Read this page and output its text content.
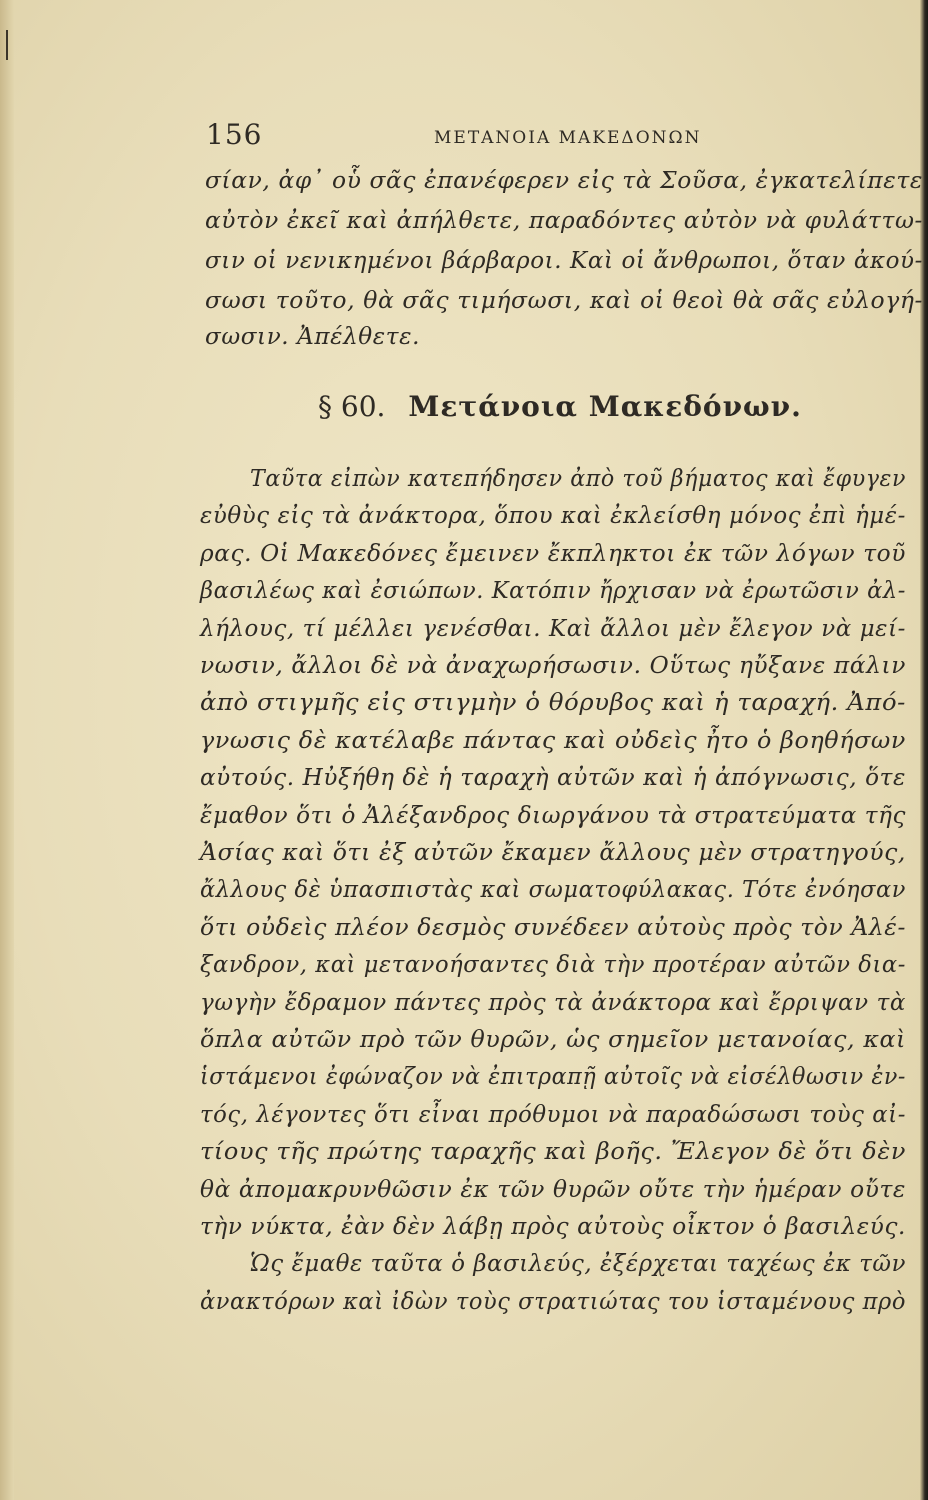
156	ΜΕΤΑΝΟΙΑ ΜΑΚΕΔΟΝΩΝ
σίαν, ἀφ᾽ οὗ σᾶς ἐπανέφερεν εἰς τὰ Σοῦσα, ἐγκατελίπετε
αὐτὸν ἐκεῖ καὶ ἀπήλθετε, παραδόντες αὐτὸν νὰ φυλάττω-
σιν οἱ νενικημένοι βάρβαροι. Καὶ οἱ ἄνθρωποι, ὅταν ἀκού-
σωσι τοῦτο, θὰ σᾶς τιμήσωσι, καὶ οἱ θεοὶ θὰ σᾶς εὐλογή-
σωσιν. Ἀπέλθετε.
§ 60. Μετάνοια Μακεδόνων.
Ταῦτα εἰπὼν κατεπήδησεν ἀπὸ τοῦ βήματος καὶ ἔφυγεν
εὐθὺς εἰς τὰ ἀνάκτορα, ὅπου καὶ ἐκλείσθη μόνος ἐπὶ ἡμέ-
ρας. Οἱ Μακεδόνες ἔμεινεν ἔκπληκτοι ἐκ τῶν λόγων τοῦ
βασιλέως καὶ ἐσιώπων. Κατόπιν ἤρχισαν νὰ ἐρωτῶσιν ἀλ-
λήλους, τί μέλλει γενέσθαι. Καὶ ἄλλοι μὲν ἔλεγον νὰ μεί-
νωσιν, ἄλλοι δὲ νὰ ἀναχωρήσωσιν. Οὕτως ηὔξανε πάλιν
ἀπὸ στιγμῆς εἰς στιγμὴν ὁ θόρυβος καὶ ἡ ταραχή. Ἀπό-
γνωσις δὲ κατέλαβε πάντας καὶ οὐδεὶς ἦτο ὁ βοηθήσων
αὐτούς. Ηὐξήθη δὲ ἡ ταραχὴ αὐτῶν καὶ ἡ ἀπόγνωσις, ὅτε
ἔμαθον ὅτι ὁ Ἀλέξανδρος διωργάνου τὰ στρατεύματα τῆς
Ἀσίας καὶ ὅτι ἐξ αὐτῶν ἔκαμεν ἄλλους μὲν στρατηγούς,
ἄλλους δὲ ὑπασπιστὰς καὶ σωματοφύλακας. Τότε ἐνόησαν
ὅτι οὐδεὶς πλέον δεσμὸς συνέδεεν αὐτοὺς πρὸς τὸν Ἀλέ-
ξανδρον, καὶ μετανοήσαντες διὰ τὴν προτέραν αὐτῶν δια-
γωγὴν ἔδραμον πάντες πρὸς τὰ ἀνάκτορα καὶ ἔρριψαν τὰ
ὅπλα αὐτῶν πρὸ τῶν θυρῶν, ὡς σημεῖον μετανοίας, καὶ
ἱστάμενοι ἐφώναζον νὰ ἐπιτραπῇ αὐτοῖς νὰ εἰσέλθωσιν ἐν-
τός, λέγοντες ὅτι εἶναι πρόθυμοι νὰ παραδώσωσι τοὺς αἰ-
τίους τῆς πρώτης ταραχῆς καὶ βοῆς. Ἔλεγον δὲ ὅτι δὲν
θὰ ἀπομακρυνθῶσιν ἐκ τῶν θυρῶν οὔτε τὴν ἡμέραν οὔτε
τὴν νύκτα, ἐὰν δὲν λάβῃ πρὸς αὐτοὺς οἶκτον ὁ βασιλεύς.
Ὡς ἔμαθε ταῦτα ὁ βασιλεύς, ἐξέρχεται ταχέως ἐκ τῶν
ἀνακτόρων καὶ ἰδὼν τοὺς στρατιώτας του ἱσταμένους πρὸ
